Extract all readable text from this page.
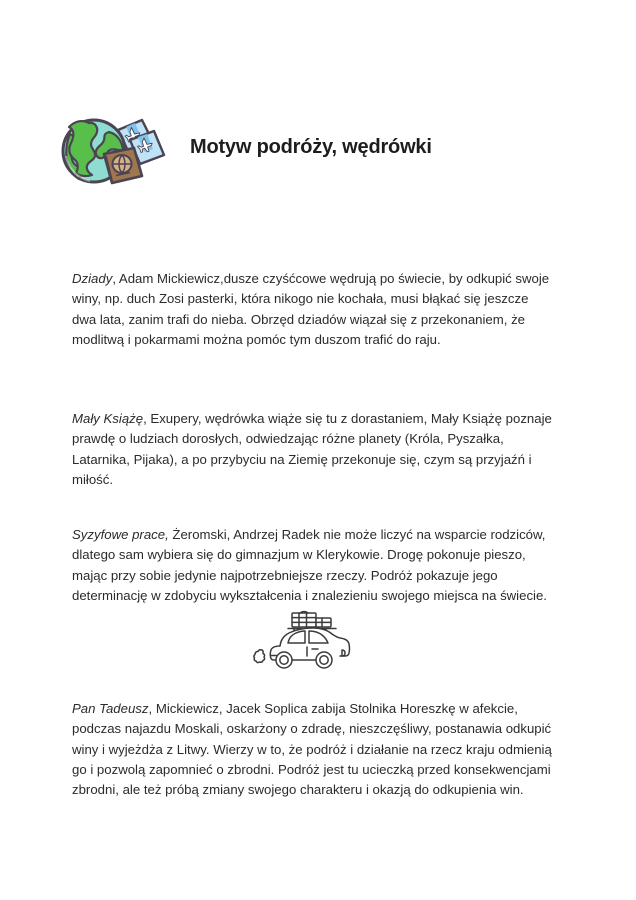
Motyw podróży, wędrówki

Dziady, Adam Mickiewicz,dusze czyśćcowe wędrują po świecie, by odkupić swoje winy, np. duch Zosi pasterki, która nikogo nie kochała, musi błąkać się jeszcze dwa lata, zanim trafi do nieba. Obrzęd dziadów wiązał się z przekonaniem, że modlitwą i pokarmami można pomóc tym duszom trafić do raju.

Mały Książę, Exupery, wędrówka wiąże się tu z dorastaniem, Mały Książę poznaje prawdę o ludziach dorosłych, odwiedzając różne planety (Króla, Pyszałka, Latarnika, Pijaka), a po przybyciu na Ziemię przekonuje się, czym są przyjaźń i miłość.

Syzyfowe prace, Żeromski, Andrzej Radek nie może liczyć na wsparcie rodziców, dlatego sam wybiera się do gimnazjum w Klerykowie. Drogę pokonuje pieszo, mając przy sobie jedynie najpotrzebniejsze rzeczy. Podróż pokazuje jego determinację w zdobyciu wykształcenia i znalezieniu swojego miejsca na świecie.

Pan Tadeusz, Mickiewicz, Jacek Soplica zabija Stolnika Horeszkę w afekcie, podczas najazdu Moskali, oskarżony o zdradę, nieszczęśliwy, postanawia odkupić winy i wyjeżdża z Litwy. Wierzy w to, że podróż i działanie na rzecz kraju odmienią go i pozwolą zapomnieć o zbrodni. Podróż jest tu ucieczką przed konsekwencjami zbrodni, ale też próbą zmiany swojego charakteru i okazją do odkupienia win.
